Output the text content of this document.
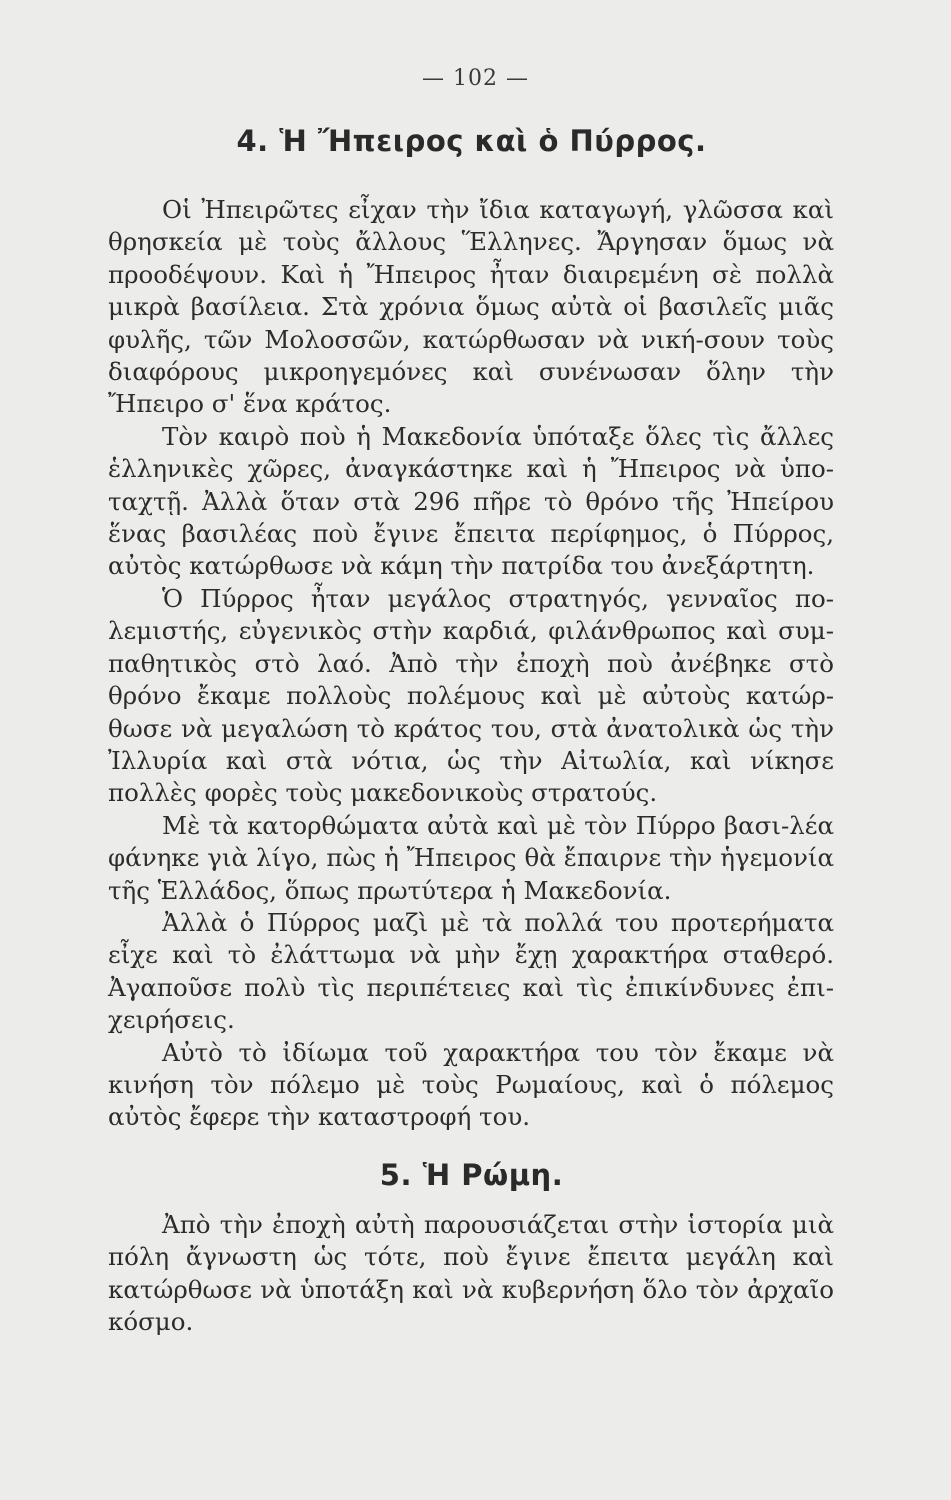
— 102 —
4. Ἡ Ἤπειρος καὶ ὁ Πύρρος.

Οἱ Ἠπειρῶτες εἶχαν τὴν ἴδια καταγωγή, γλῶσσα καὶ θρησκεία μὲ τοὺς ἄλλους Ἕλληνες. Ἄργησαν ὅμως νὰ προοδέψουν. Καὶ ἡ Ἤπειρος ἦταν διαιρεμένη σὲ πολλὰ μικρὰ βασίλεια. Στὰ χρόνια ὅμως αὐτὰ οἱ βασιλεῖς μιᾶς φυλῆς, τῶν Μολοσσῶν, κατώρθωσαν νὰ νική-σουν τοὺς διαφόρους μικροηγεμόνες καὶ συνένωσαν ὅλην τὴν Ἤπειρο σ' ἕνα κράτος.

Τὸν καιρὸ ποὺ ἡ Μακεδονία ὑπόταξε ὅλες τὶς ἄλλες ἑλληνικὲς χῶρες, ἀναγκάστηκε καὶ ἡ Ἤπειρος νὰ ὑπο-ταχτῇ. Ἀλλὰ ὅταν στὰ 296 πῆρε τὸ θρόνο τῆς Ἠπείρου ἕνας βασιλέας ποὺ ἔγινε ἔπειτα περίφημος, ὁ Πύρρος, αὐτὸς κατώρθωσε νὰ κάμη τὴν πατρίδα του ἀνεξάρτητη.

Ὁ Πύρρος ἦταν μεγάλος στρατηγός, γενναῖος πο-λεμιστής, εὐγενικὸς στὴν καρδιά, φιλάνθρωπος καὶ συμ-παθητικὸς στὸ λαό. Ἀπὸ τὴν ἐποχὴ ποὺ ἀνέβηκε στὸ θρόνο ἔκαμε πολλοὺς πολέμους καὶ μὲ αὐτοὺς κατώρ-θωσε νὰ μεγαλώση τὸ κράτος του, στὰ ἀνατολικὰ ὡς τὴν Ἰλλυρία καὶ στὰ νότια, ὡς τὴν Αἰτωλία, καὶ νίκησε πολλὲς φορὲς τοὺς μακεδονικοὺς στρατούς.

Μὲ τὰ κατορθώματα αὐτὰ καὶ μὲ τὸν Πύρρο βασι-λέα φάνηκε γιὰ λίγο, πὼς ἡ Ἤπειρος θὰ ἔπαιρνε τὴν ἡγεμονία τῆς Ἑλλάδος, ὅπως πρωτύτερα ἡ Μακεδονία.

Ἀλλὰ ὁ Πύρρος μαζὶ μὲ τὰ πολλά του προτερήματα εἶχε καὶ τὸ ἐλάττωμα νὰ μὴν ἔχῃ χαρακτήρα σταθερό. Ἀγαποῦσε πολὺ τὶς περιπέτειες καὶ τὶς ἐπικίνδυνες ἐπι-χειρήσεις.

Αὐτὸ τὸ ἰδίωμα τοῦ χαρακτήρα του τὸν ἔκαμε νὰ κινήση τὸν πόλεμο μὲ τοὺς Ρωμαίους, καὶ ὁ πόλεμος αὐτὸς ἔφερε τὴν καταστροφή του.

5. Ἡ Ρώμη.

Ἀπὸ τὴν ἐποχὴ αὐτὴ παρουσιάζεται στὴν ἱστορία μιὰ πόλη ἄγνωστη ὡς τότε, ποὺ ἔγινε ἔπειτα μεγάλη καὶ κατώρθωσε νὰ ὑποτάξη καὶ νὰ κυβερνήση ὅλο τὸν ἀρχαῖο κόσμο.
